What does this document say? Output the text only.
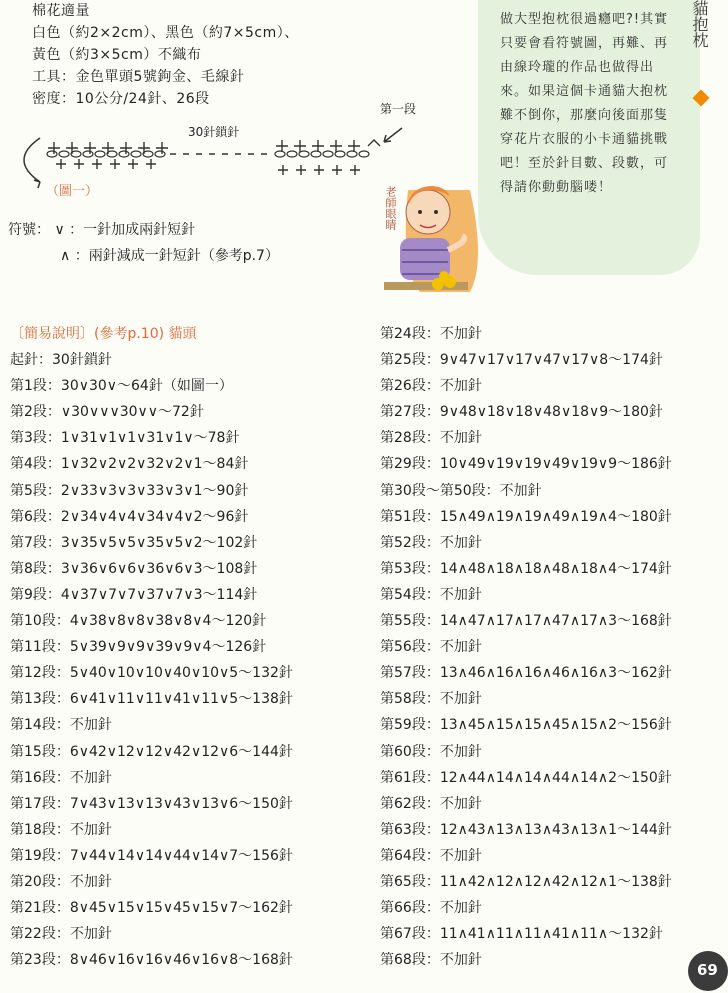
棉花適量
白色（約2×2cm）、黑色（約7×5cm）、
黃色（約3×5cm）不織布
工具：金色單頭5號鉤金、毛線針
密度：10公分/24針、26段
做大型抱枕很過癮吧?!其實只要會看符號圖，再難、再由線玲瓏的作品也做得出來。如果這個卡通貓大抱枕難不倒你，那麼向後面那隻穿花片衣服的小卡通貓挑戰吧！至於針目數、段數，可得請你動動腦喽！
貓抱枕
30針鎖針
第一段
（圖一）	老師眼睛
符號： ∨ ：一針加成兩針短針
∧ ：兩針減成一針短針（參考p.7）
〔簡易說明〕(參考p.10) 貓頭
起針：30針鎖針
第1段：30∨30∨～64針（如圖一）
第2段：∨30∨∨∨30∨∨～72針
第3段：1∨31∨1∨1∨31∨1∨～78針
第4段：1∨32∨2∨2∨32∨2∨1～84針
第5段：2∨33∨3∨3∨33∨3∨1～90針
第6段：2∨34∨4∨4∨34∨4∨2～96針
第7段：3∨35∨5∨5∨35∨5∨2～102針
第8段：3∨36∨6∨6∨36∨6∨3～108針
第9段：4∨37∨7∨7∨37∨7∨3～114針
第10段：4∨38∨8∨8∨38∨8∨4～120針
第11段：5∨39∨9∨9∨39∨9∨4～126針
第12段：5∨40∨10∨10∨40∨10∨5～132針
第13段：6∨41∨11∨11∨41∨11∨5～138針
第14段：不加針
第15段：6∨42∨12∨12∨42∨12∨6～144針
第16段：不加針
第17段：7∨43∨13∨13∨43∨13∨6～150針
第18段：不加針
第19段：7∨44∨14∨14∨44∨14∨7～156針
第20段：不加針
第21段：8∨45∨15∨15∨45∨15∨7～162針
第22段：不加針
第23段：8∨46∨16∨16∨46∨16∨8～168針
第24段：不加針
第25段：9∨47∨17∨17∨47∨17∨8～174針
第26段：不加針
第27段：9∨48∨18∨18∨48∨18∨9～180針
第28段：不加針
第29段：10∨49∨19∨19∨49∨19∨9～186針
第30段～第50段：不加針
第51段：15∧49∧19∧19∧49∧19∧4～180針
第52段：不加針
第53段：14∧48∧18∧18∧48∧18∧4～174針
第54段：不加針
第55段：14∧47∧17∧17∧47∧17∧3～168針
第56段：不加針
第57段：13∧46∧16∧16∧46∧16∧3～162針
第58段：不加針
第59段：13∧45∧15∧15∧45∧15∧2～156針
第60段：不加針
第61段：12∧44∧14∧14∧44∧14∧2～150針
第62段：不加針
第63段：12∧43∧13∧13∧43∧13∧1～144針
第64段：不加針
第65段：11∧42∧12∧12∧42∧12∧1～138針
第66段：不加針
第67段：11∧41∧11∧11∧41∧11∧～132針
第68段：不加針
69
